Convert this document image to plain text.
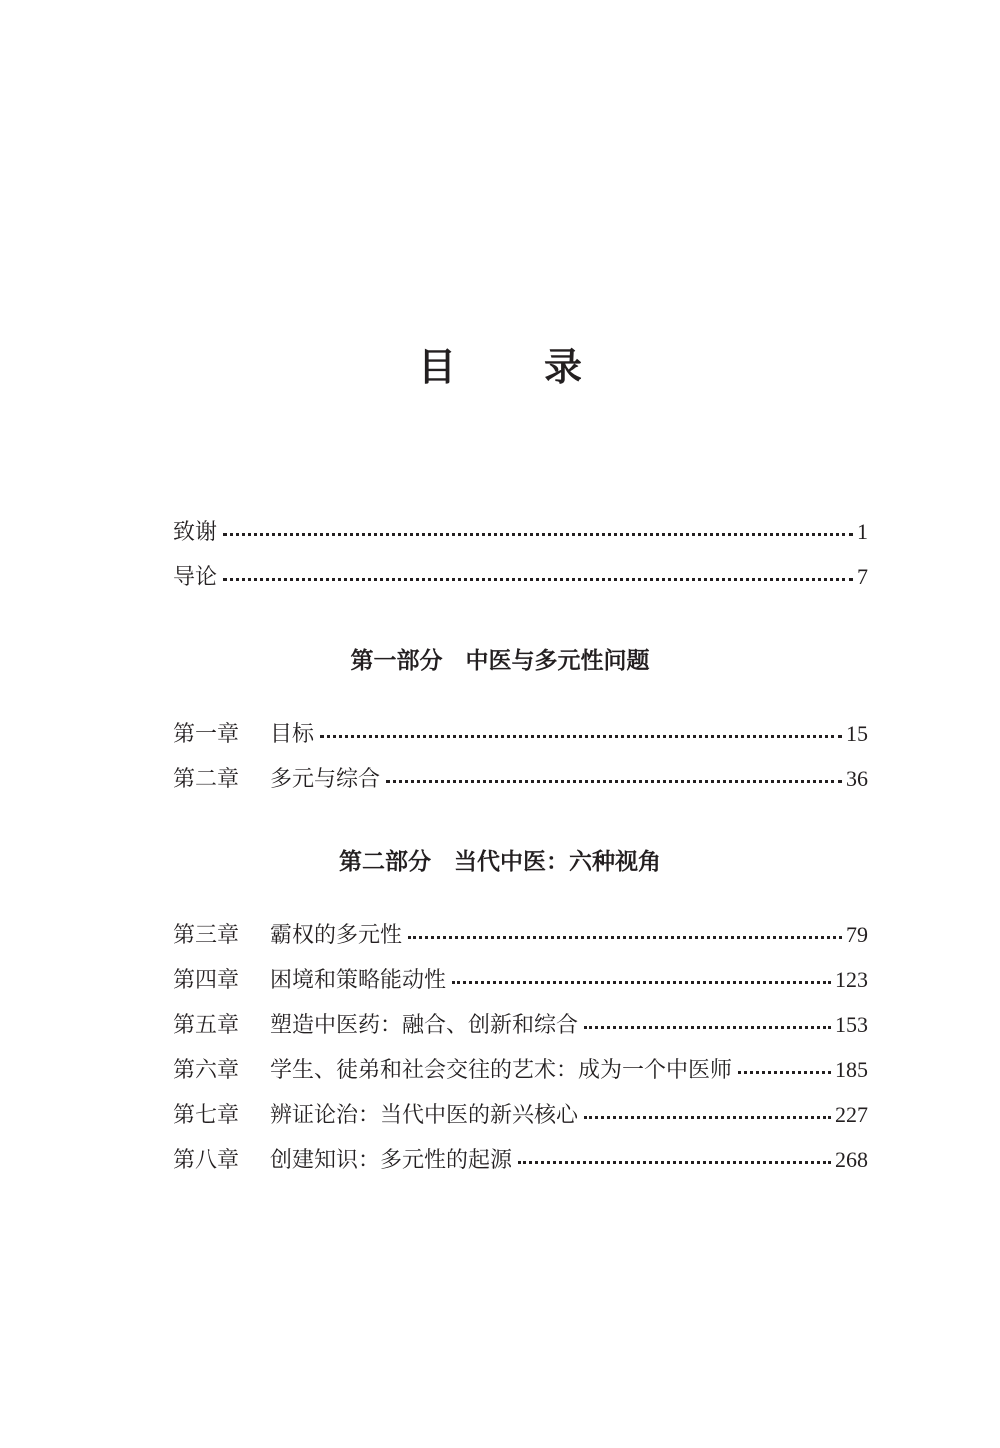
目 录
致谢	1
导论	7
第一部分　中医与多元性问题
第一章	目标	15
第二章	多元与综合	36
第二部分　当代中医：六种视角
第三章	霸权的多元性	79
第四章	困境和策略能动性	123
第五章	塑造中医药：融合、创新和综合	153
第六章	学生、徒弟和社会交往的艺术：成为一个中医师	185
第七章	辨证论治：当代中医的新兴核心	227
第八章	创建知识：多元性的起源	268
